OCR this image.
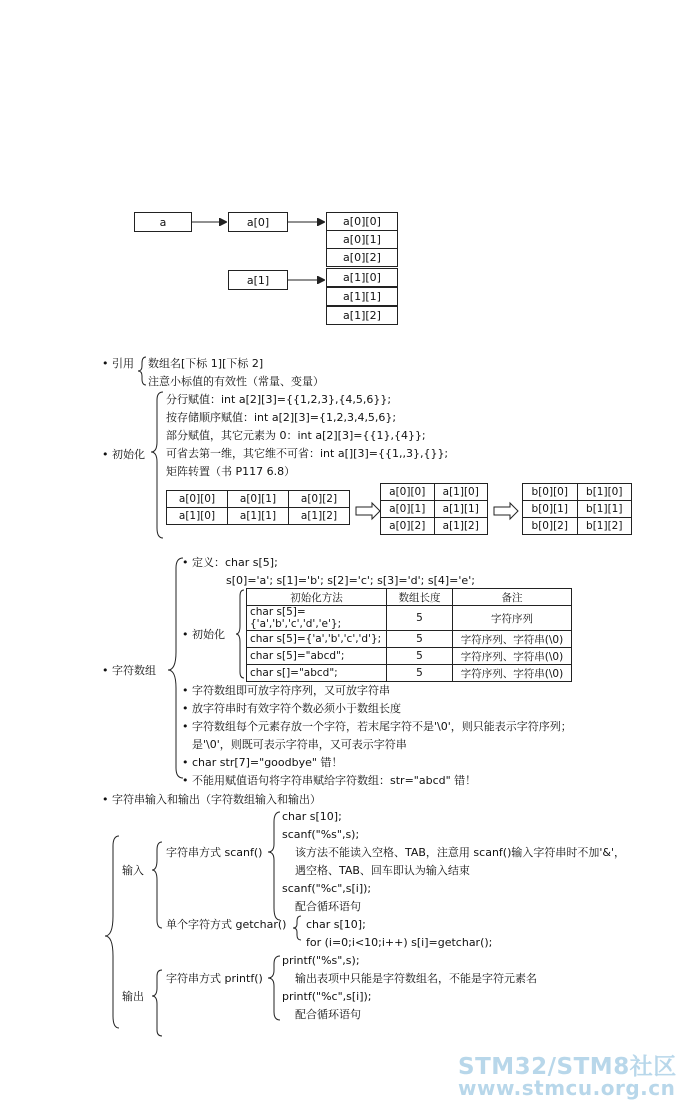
a	a[0]
a[1]
a[0][0]
a[0][1]
a[0][2]
a[1][0]
a[1][1]
a[1][2]
• 引用 数组名[下标 1][下标 2]
注意小标值的有效性（常量、变量）
• 初始化
分行赋值：int a[2][3]={{1,2,3},{4,5,6}};
按存储顺序赋值：int a[2][3]={1,2,3,4,5,6};
部分赋值，其它元素为 0：int a[2][3]={{1},{4}};
可省去第一维，其它维不可省：int a[][3]={{1,,3},{}};
矩阵转置（书 P117 6.8）
a[0][0]	a[0][1]	a[0][2]
a[1][0]	a[1][1]	a[1][2]
a[0][0]	a[1][0]
a[0][1]	a[1][1]
a[0][2]	a[1][2]
b[0][0]	b[1][0]
b[0][1]	b[1][1]
b[0][2]	b[1][2]
• 字符数组
• 定义：char s[5];
s[0]='a'; s[1]='b'; s[2]='c'; s[3]='d'; s[4]='e';
• 初始化
初始化方法	数组长度	备注
char s[5]={'a','b','c','d','e'};	5	字符序列
char s[5]={'a','b','c','d'};	5	字符序列、字符串(\0)
char s[5]="abcd";	5	字符序列、字符串(\0)
char s[]="abcd";	5	字符序列、字符串(\0)
• 字符数组即可放字符序列，又可放字符串
• 放字符串时有效字符个数必须小于数组长度
• 字符数组每个元素存放一个字符，若末尾字符不是'\0'，则只能表示字符序列；
是'\0'，则既可表示字符串，又可表示字符串
• char str[7]="goodbye" 错！
• 不能用赋值语句将字符串赋给字符数组：str="abcd" 错！
• 字符串输入和输出（字符数组输入和输出）
输入
输出
字符串方式 scanf()
char s[10];
scanf("%s",s);
该方法不能读入空格、TAB，注意用 scanf()输入字符串时不加'&'，
遇空格、TAB、回车即认为输入结束
scanf("%c",s[i]);
配合循环语句
单个字符方式 getchar() char s[10];
for (i=0;i<10;i++) s[i]=getchar();
字符串方式 printf()
printf("%s",s);
输出表项中只能是字符数组名，不能是字符元素名
printf("%c",s[i]);
配合循环语句
STM32/STM8社区
www.stmcu.org.cn
